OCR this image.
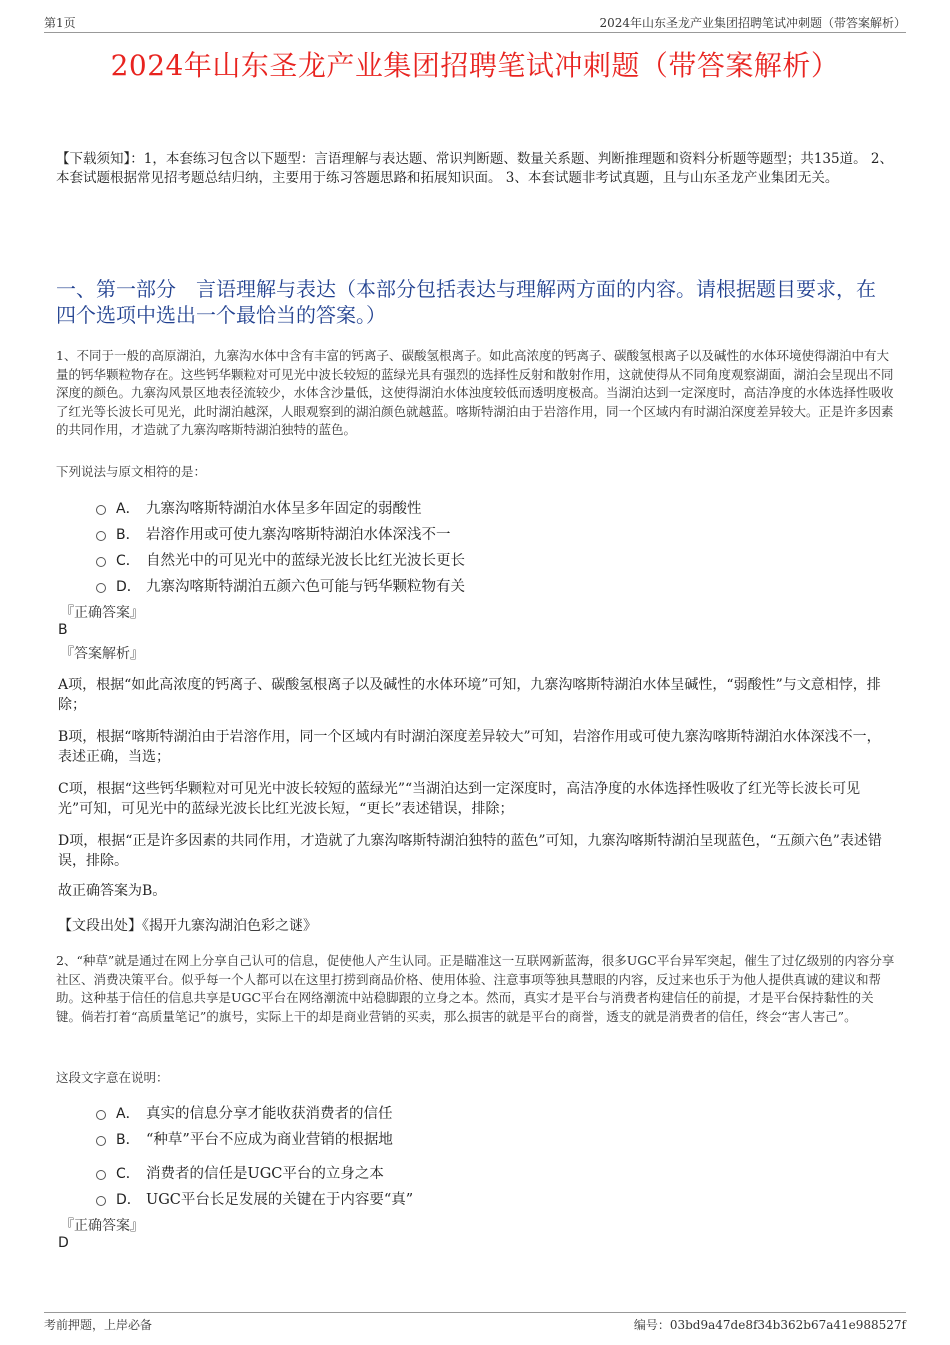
第1页	2024年山东圣龙产业集团招聘笔试冲刺题（带答案解析）
2024年山东圣龙产业集团招聘笔试冲刺题（带答案解析）
【下载须知】：1，本套练习包含以下题型：言语理解与表达题、常识判断题、数量关系题、判断推理题和资料分析题等题型；共135道。 2、本套试题根据常见招考题总结归纳，主要用于练习答题思路和拓展知识面。 3、本套试题非考试真题，且与山东圣龙产业集团无关。
一、第一部分　言语理解与表达（本部分包括表达与理解两方面的内容。请根据题目要求，在四个选项中选出一个最恰当的答案。）
1、不同于一般的高原湖泊，九寨沟水体中含有丰富的钙离子、碳酸氢根离子。如此高浓度的钙离子、碳酸氢根离子以及碱性的水体环境使得湖泊中有大量的钙华颗粒物存在。这些钙华颗粒对可见光中波长较短的蓝绿光具有强烈的选择性反射和散射作用，这就使得从不同角度观察湖面，湖泊会呈现出不同深度的颜色。九寨沟风景区地表径流较少，水体含沙量低，这使得湖泊水体浊度较低而透明度极高。当湖泊达到一定深度时，高洁净度的水体选择性吸收了红光等长波长可见光，此时湖泊越深，人眼观察到的湖泊颜色就越蓝。喀斯特湖泊由于岩溶作用，同一个区域内有时湖泊深度差异较大。正是许多因素的共同作用，才造就了九寨沟喀斯特湖泊独特的蓝色。
下列说法与原文相符的是：
A． 九寨沟喀斯特湖泊水体呈多年固定的弱酸性
B． 岩溶作用或可使九寨沟喀斯特湖泊水体深浅不一
C． 自然光中的可见光中的蓝绿光波长比红光波长更长
D． 九寨沟喀斯特湖泊五颜六色可能与钙华颗粒物有关
『正确答案』
B
『答案解析』
A项，根据“如此高浓度的钙离子、碳酸氢根离子以及碱性的水体环境”可知，九寨沟喀斯特湖泊水体呈碱性，“弱酸性”与文意相悖，排除；
B项，根据“喀斯特湖泊由于岩溶作用，同一个区域内有时湖泊深度差异较大”可知，岩溶作用或可使九寨沟喀斯特湖泊水体深浅不一，表述正确，当选；
C项，根据“这些钙华颗粒对可见光中波长较短的蓝绿光”“当湖泊达到一定深度时，高洁净度的水体选择性吸收了红光等长波长可见光”可知，可见光中的蓝绿光波长比红光波长短，“更长”表述错误，排除；
D项，根据“正是许多因素的共同作用，才造就了九寨沟喀斯特湖泊独特的蓝色”可知，九寨沟喀斯特湖泊呈现蓝色，“五颜六色”表述错误，排除。
故正确答案为B。
【文段出处】《揭开九寨沟湖泊色彩之谜》
2、“种草”就是通过在网上分享自己认可的信息，促使他人产生认同。正是瞄准这一互联网新蓝海，很多UGC平台异军突起，催生了过亿级别的内容分享社区、消费决策平台。似乎每一个人都可以在这里打捞到商品价格、使用体验、注意事项等独具慧眼的内容，反过来也乐于为他人提供真诚的建议和帮助。这种基于信任的信息共享是UGC平台在网络潮流中站稳脚跟的立身之本。然而，真实才是平台与消费者构建信任的前提，才是平台保持黏性的关键。倘若打着“高质量笔记”的旗号，实际上干的却是商业营销的买卖，那么损害的就是平台的商誉，透支的就是消费者的信任，终会“害人害己”。
这段文字意在说明：
A． 真实的信息分享才能收获消费者的信任
B． “种草”平台不应成为商业营销的根据地
C． 消费者的信任是UGC平台的立身之本
D． UGC平台长足发展的关键在于内容要“真”
『正确答案』
D
考前押题，上岸必备	编号：03bd9a47de8f34b362b67a41e988527f
